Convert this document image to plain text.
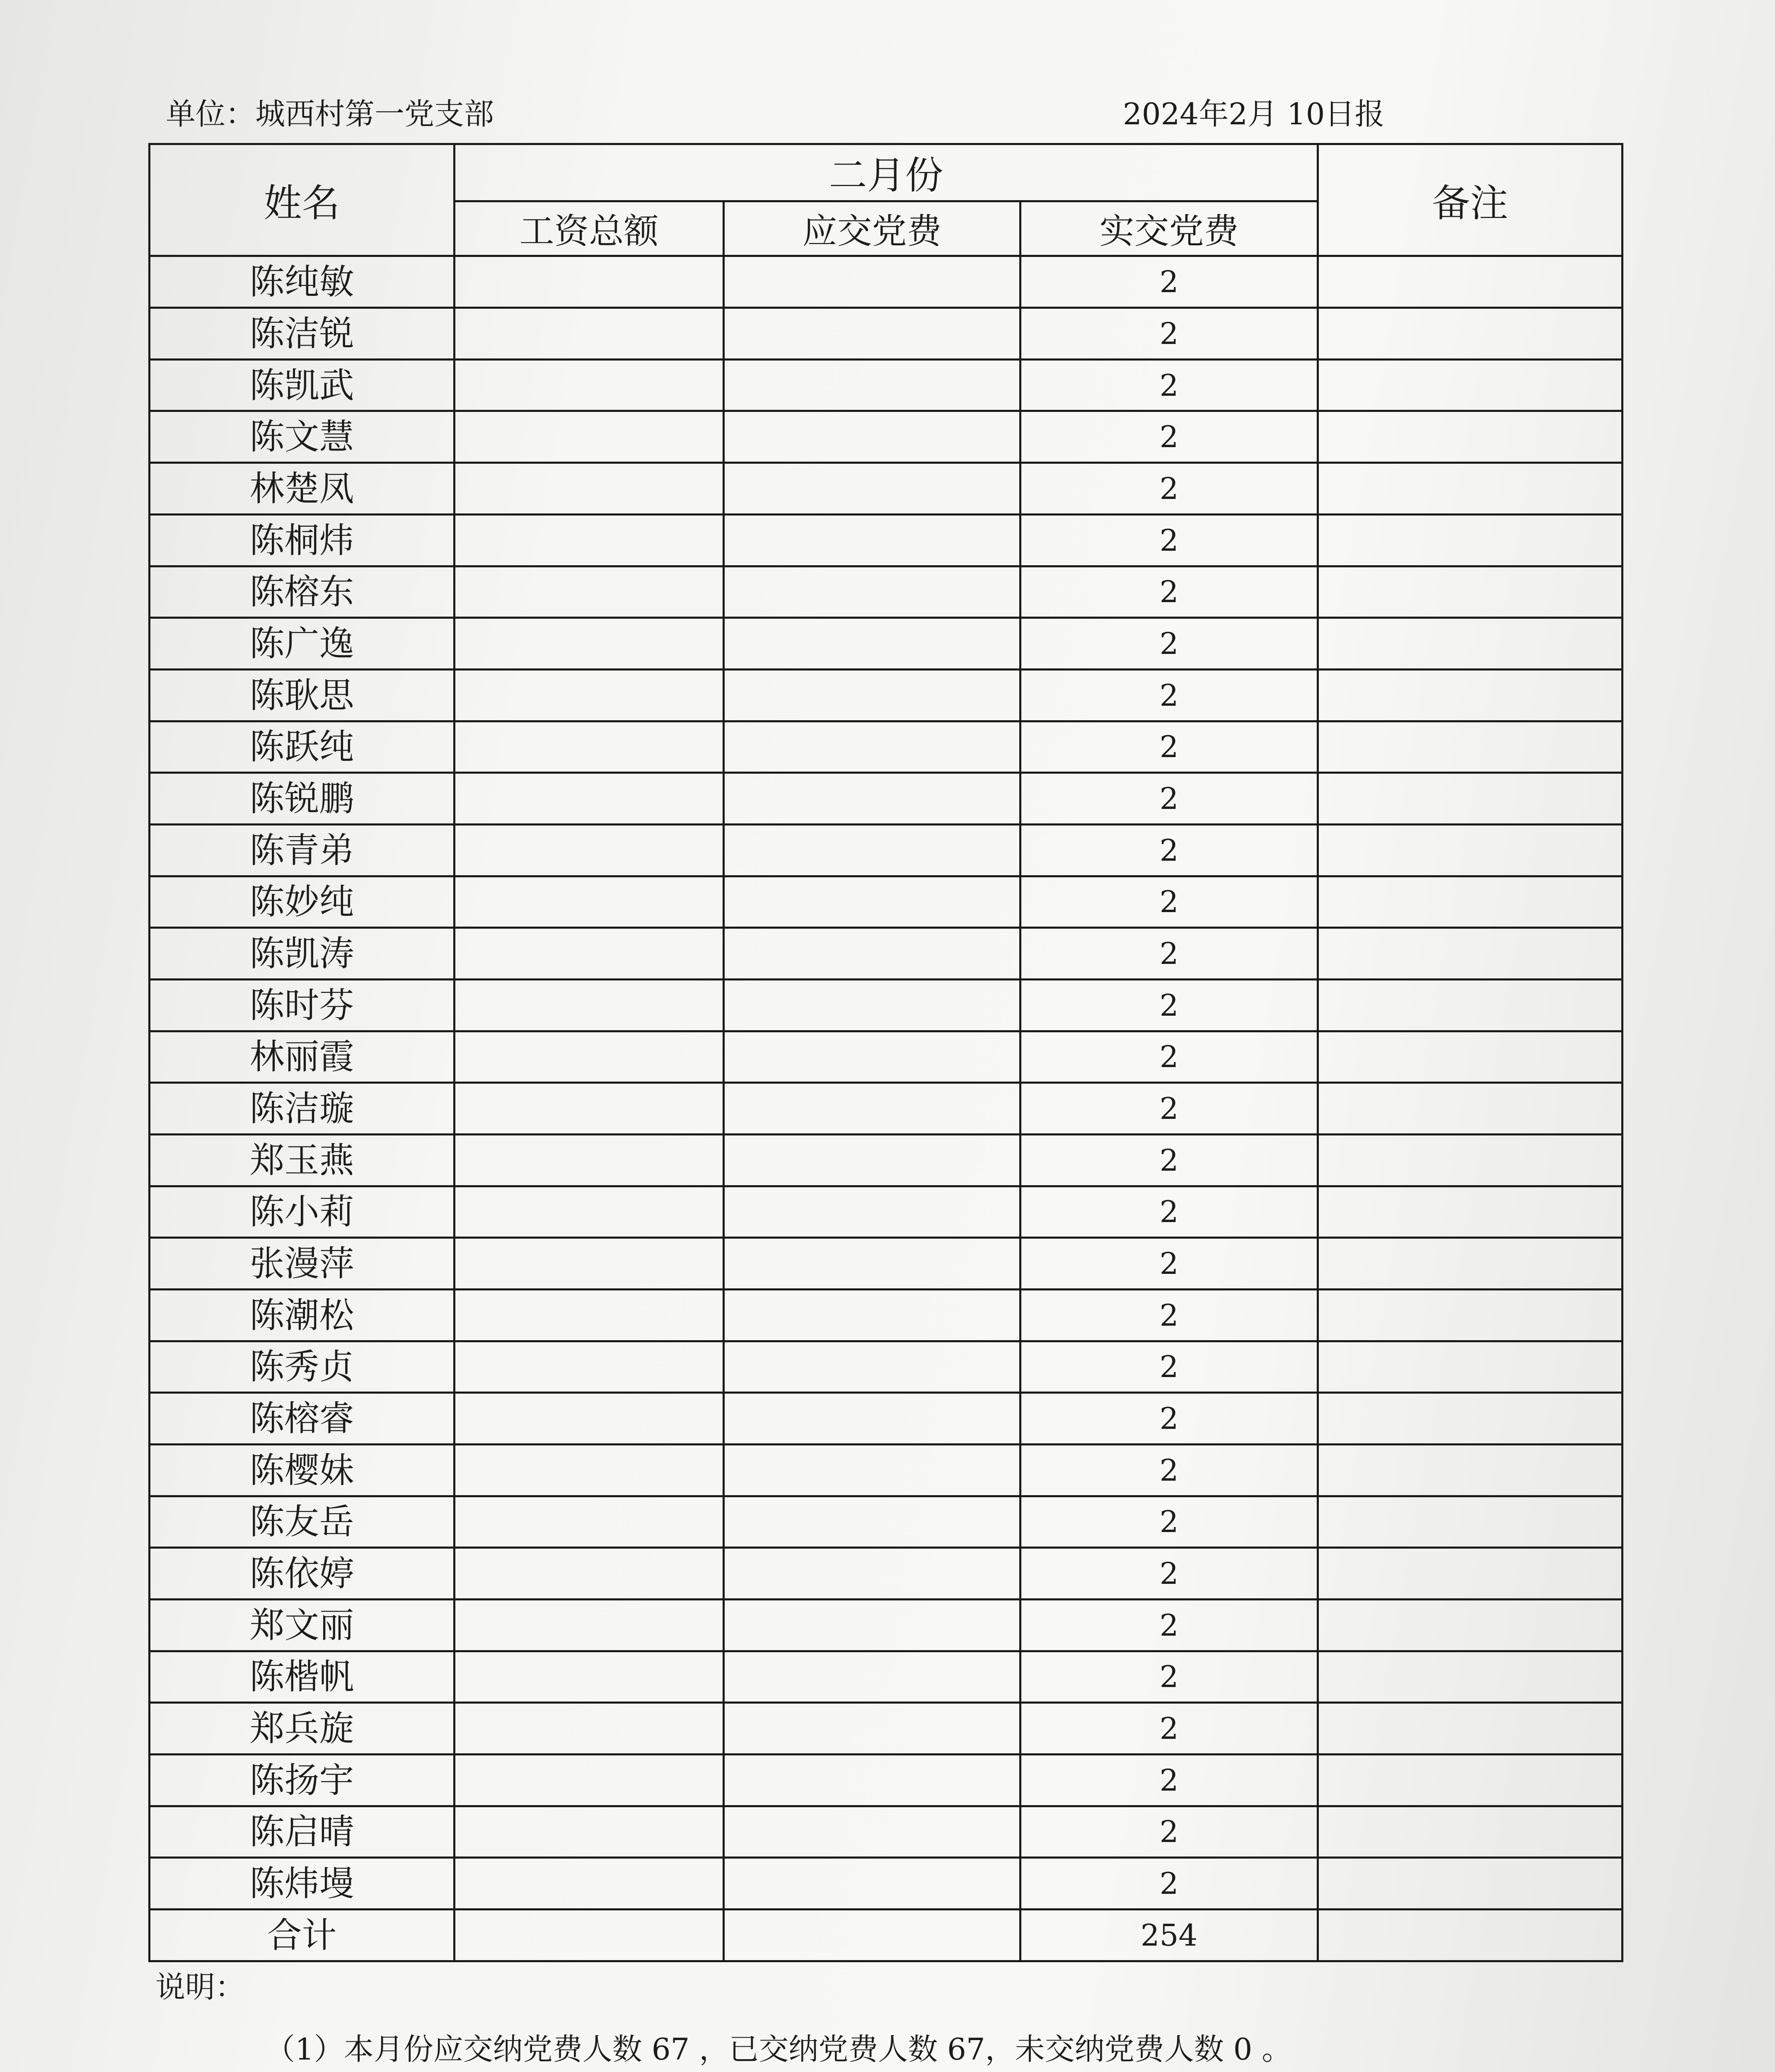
单位：城西村第一党支部	2024年2月 10日报
姓名	二月份			备注
	工资总额	应交党费	实交党费	
陈纯敏			2	
陈洁锐			2	
陈凯武			2	
陈文慧			2	
林楚凤			2	
陈桐炜			2	
陈榕东			2	
陈广逸			2	
陈耿思			2	
陈跃纯			2	
陈锐鹏			2	
陈青弟			2	
陈妙纯			2	
陈凯涛			2	
陈时芬			2	
林丽霞			2	
陈洁璇			2	
郑玉燕			2	
陈小莉			2	
张漫萍			2	
陈潮松			2	
陈秀贞			2	
陈榕睿			2	
陈樱妹			2	
陈友岳			2	
陈依婷			2	
郑文丽			2	
陈楷帆			2	
郑兵旋			2	
陈扬宇			2	
陈启晴			2	
陈炜墁			2	
合计			254	
说明：
（1）本月份应交纳党费人数 67 ，已交纳党费人数 67，未交纳党费人数 0 。
